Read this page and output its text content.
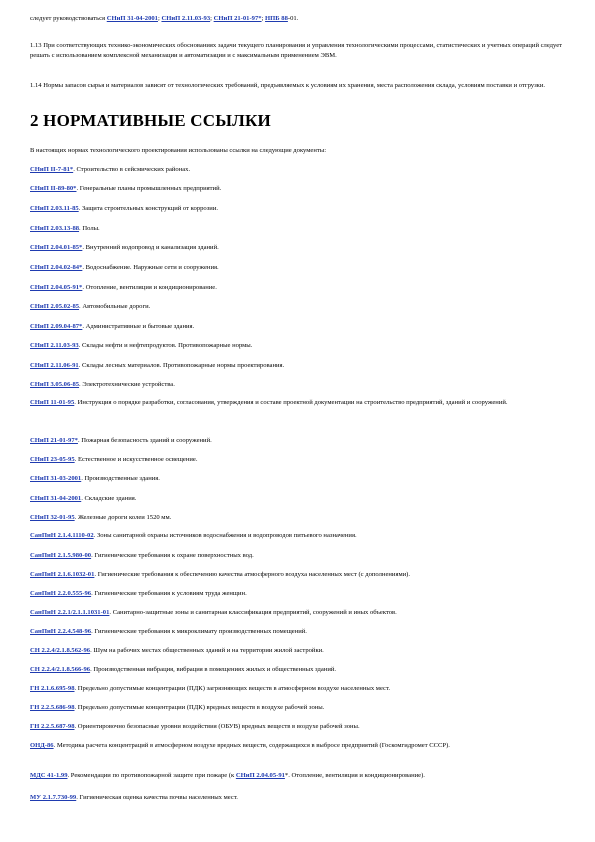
следует руководствоваться СНиП 31-04-2001; СНиП 2.11.03-93; СНиП 21-01-97*; НПБ 88-01.
1.13 При соответствующих технико-экономических обоснованиях задачи текущего планирования и управления технологическими процессами, статистических и учетных операций следует решать с использованием комплексной механизации и автоматизации и с максимальным применением ЭВМ.
1.14 Нормы запасов сырья и материалов зависят от технологических требований, предъявляемых к условиям их хранения, места расположения склада, условиям поставки и отгрузки.
2 НОРМАТИВНЫЕ ССЫЛКИ
В настоящих нормах технологического проектирования использованы ссылки на следующие документы:
СНиП II-7-81*. Строительство в сейсмических районах.
СНиП II-89-80*. Генеральные планы промышленных предприятий.
СНиП 2.03.11-85. Защита строительных конструкций от коррозии.
СНиП 2.03.13-88. Полы.
СНиП 2.04.01-85*. Внутренний водопровод и канализация зданий.
СНиП 2.04.02-84*. Водоснабжение. Наружные сети и сооружения.
СНиП 2.04.05-91*. Отопление, вентиляция и кондиционирование.
СНиП 2.05.02-85. Автомобильные дороги.
СНиП 2.09.04-87*. Административные и бытовые здания.
СНиП 2.11.03-93. Склады нефти и нефтепродуктов. Противопожарные нормы.
СНиП 2.11.06-91. Склады лесных материалов. Противопожарные нормы проектирования.
СНиП 3.05.06-85. Электротехнические устройства.
СНиП 11-01-95. Инструкция о порядке разработки, согласования, утверждения и составе проектной документации на строительство предприятий, зданий и сооружений.
СНиП 21-01-97*. Пожарная безопасность зданий и сооружений.
СНиП 23-05-95. Естественное и искусственное освещение.
СНиП 31-03-2001. Производственные здания.
СНиП 31-04-2001. Складские здания.
СНиП 32-01-95. Железные дороги колеи 1520 мм.
СанПиН 2.1.4.1110-02. Зоны санитарной охраны источников водоснабжения и водопроводов питьевого назначения.
СанПиН 2.1.5.980-00. Гигиенические требования к охране поверхностных вод.
СанПиН 2.1.6.1032-01. Гигиенические требования к обеспечению качества атмосферного воздуха населенных мест (с дополнениями).
СанПиН 2.2.0.555-96. Гигиенические требования к условиям труда женщин.
СанПиН 2.2.1/2.1.1.1031-01. Санитарно-защитные зоны и санитарная классификация предприятий, сооружений и иных объектов.
СанПиН 2.2.4.548-96. Гигиенические требования к микроклимату производственных помещений.
СН 2.2.4/2.1.8.562-96. Шум на рабочих местах общественных зданий и на территории жилой застройки.
СН 2.2.4/2.1.8.566-96. Производственная вибрация, вибрация в помещениях жилых и общественных зданий.
ГН 2.1.6.695-98. Предельно допустимые концентрации (ПДК) загрязняющих веществ в атмосферном воздухе населенных мест.
ГН 2.2.5.686-98. Предельно допустимые концентрации (ПДК) вредных веществ в воздухе рабочей зоны.
ГН 2.2.5.687-98. Ориентировочно безопасные уровни воздействия (ОБУВ) вредных веществ в воздухе рабочей зоны.
ОНД-86. Методика расчета концентраций в атмосферном воздухе вредных веществ, содержащихся в выбросе предприятий (Госкомгидромет СССР).
МДС 41-1.99. Рекомендации по противопожарной защите при пожаре (к СНиП 2.04.05-91*. Отопление, вентиляция и кондиционирование).
МУ 2.1.7.730-99. Гигиеническая оценка качества почвы населенных мест.
